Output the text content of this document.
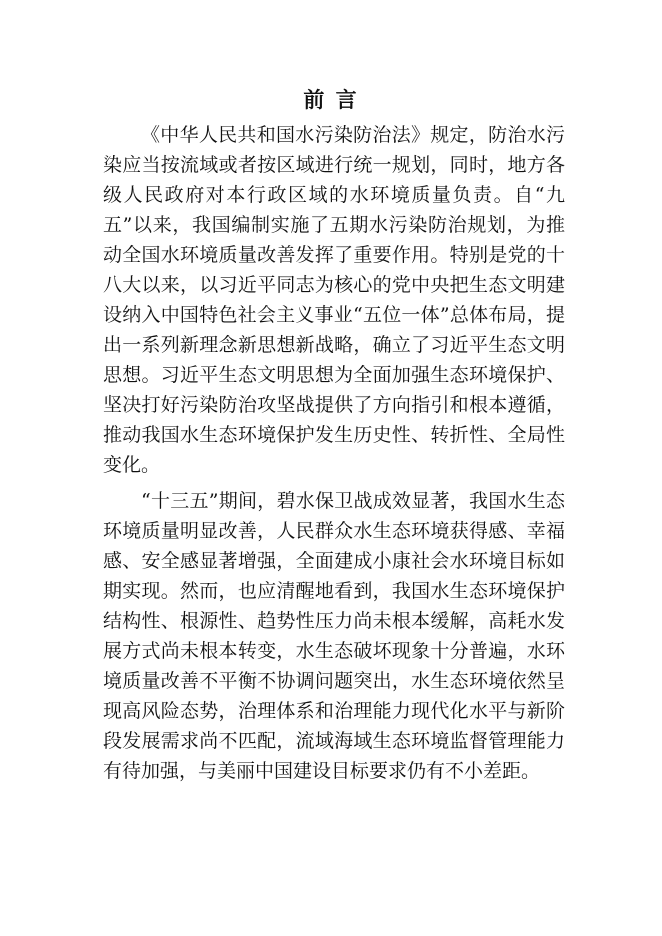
前 言

《中华人民共和国水污染防治法》规定，防治水污染应当按流域或者按区域进行统一规划，同时，地方各级人民政府对本行政区域的水环境质量负责。自“九五”以来，我国编制实施了五期水污染防治规划，为推动全国水环境质量改善发挥了重要作用。特别是党的十八大以来，以习近平同志为核心的党中央把生态文明建设纳入中国特色社会主义事业“五位一体”总体布局，提出一系列新理念新思想新战略，确立了习近平生态文明思想。习近平生态文明思想为全面加强生态环境保护、坚决打好污染防治攻坚战提供了方向指引和根本遵循，推动我国水生态环境保护发生历史性、转折性、全局性变化。

“十三五”期间，碧水保卫战成效显著，我国水生态环境质量明显改善，人民群众水生态环境获得感、幸福感、安全感显著增强，全面建成小康社会水环境目标如期实现。然而，也应清醒地看到，我国水生态环境保护结构性、根源性、趋势性压力尚未根本缓解，高耗水发展方式尚未根本转变，水生态破坏现象十分普遍，水环境质量改善不平衡不协调问题突出，水生态环境依然呈现高风险态势，治理体系和治理能力现代化水平与新阶段发展需求尚不匹配，流域海域生态环境监督管理能力有待加强，与美丽中国建设目标要求仍有不小差距。
